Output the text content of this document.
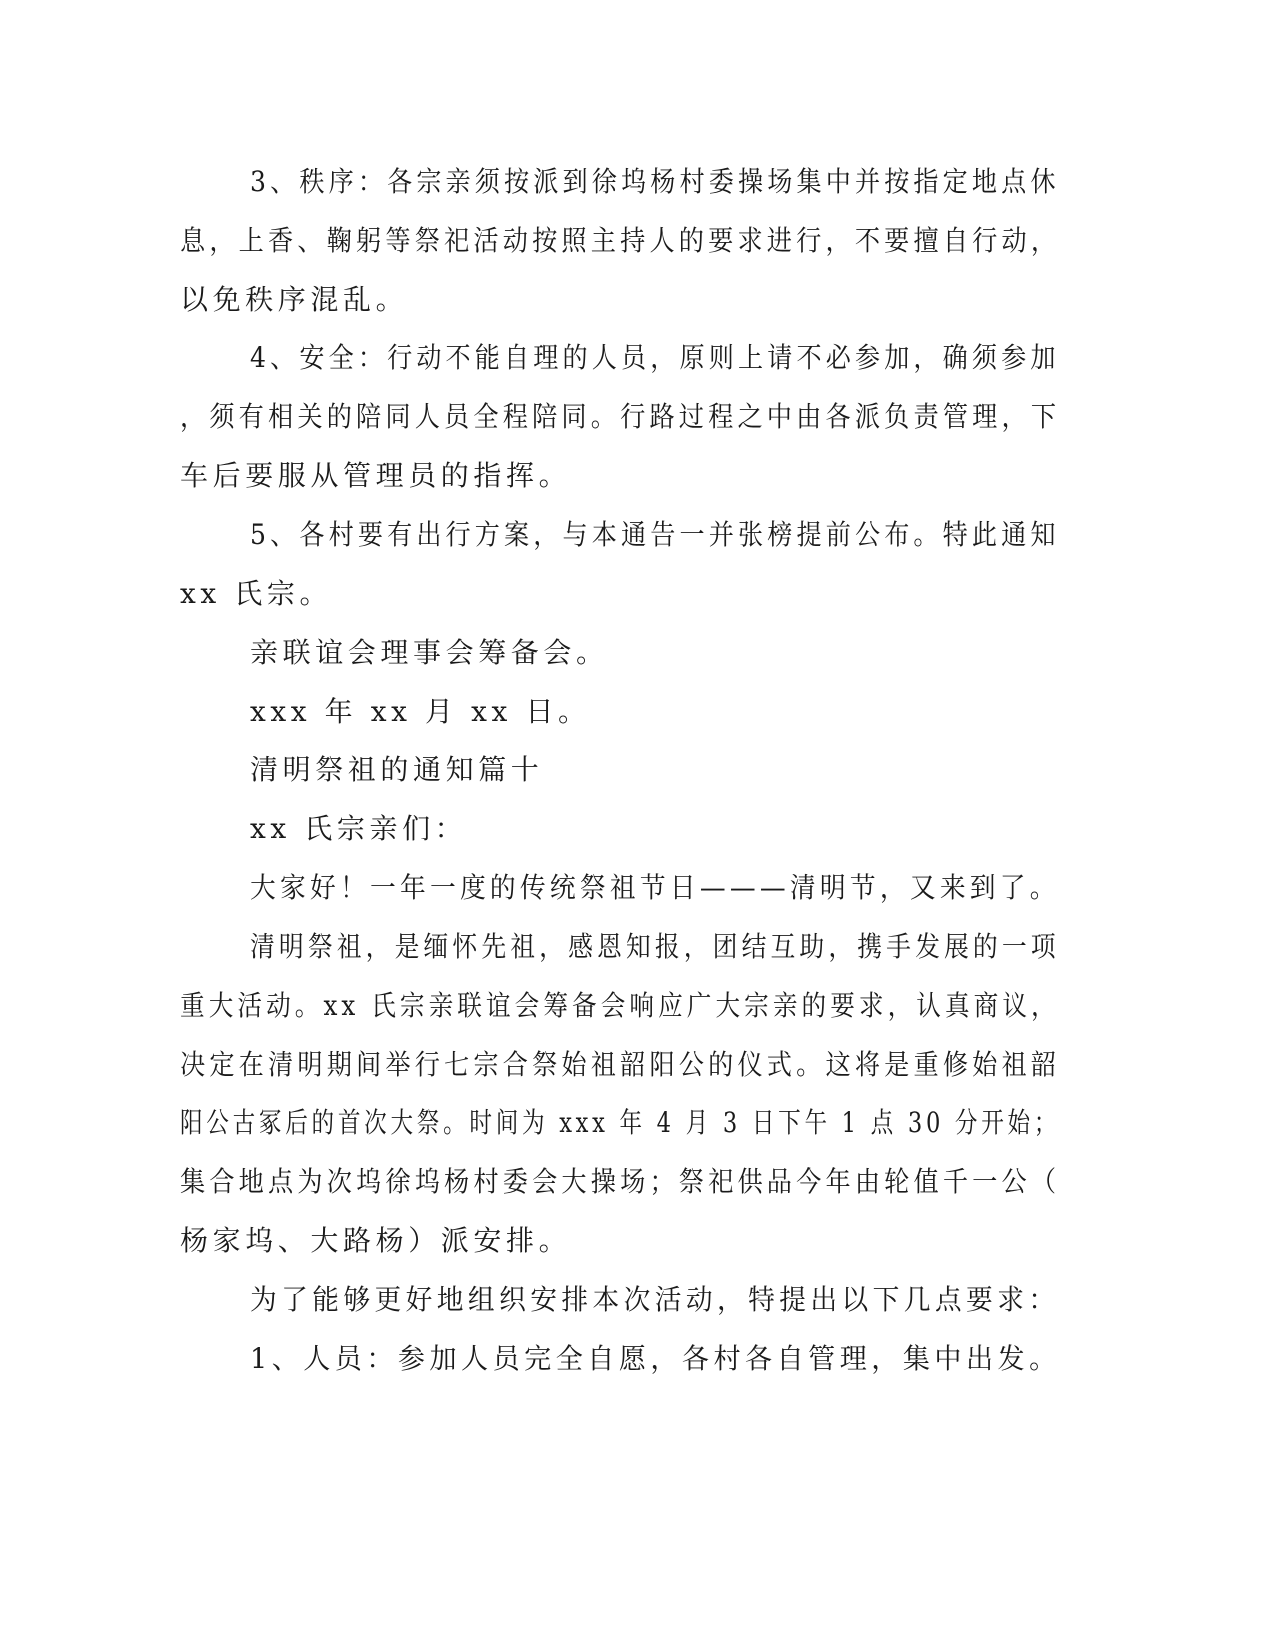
3、秩序：各宗亲须按派到徐坞杨村委操场集中并按指定地点休
息，上香、鞠躬等祭祀活动按照主持人的要求进行，不要擅自行动，
以免秩序混乱。
4、安全：行动不能自理的人员，原则上请不必参加，确须参加
，须有相关的陪同人员全程陪同。行路过程之中由各派负责管理，下
车后要服从管理员的指挥。
5、各村要有出行方案，与本通告一并张榜提前公布。特此通知
xx 氏宗。
亲联谊会理事会筹备会。
xxx 年 xx 月 xx 日。
清明祭祖的通知篇十
xx 氏宗亲们：
大家好！一年一度的传统祭祖节日———清明节，又来到了。
清明祭祖，是缅怀先祖，感恩知报，团结互助，携手发展的一项
重大活动。xx 氏宗亲联谊会筹备会响应广大宗亲的要求，认真商议，
决定在清明期间举行七宗合祭始祖韶阳公的仪式。这将是重修始祖韶
阳公古冢后的首次大祭。时间为 xxx 年 4 月 3 日下午 1 点 30 分开始；
集合地点为次坞徐坞杨村委会大操场；祭祀供品今年由轮值千一公（
杨家坞、大路杨）派安排。
为了能够更好地组织安排本次活动，特提出以下几点要求：
1、人员：参加人员完全自愿，各村各自管理，集中出发。
